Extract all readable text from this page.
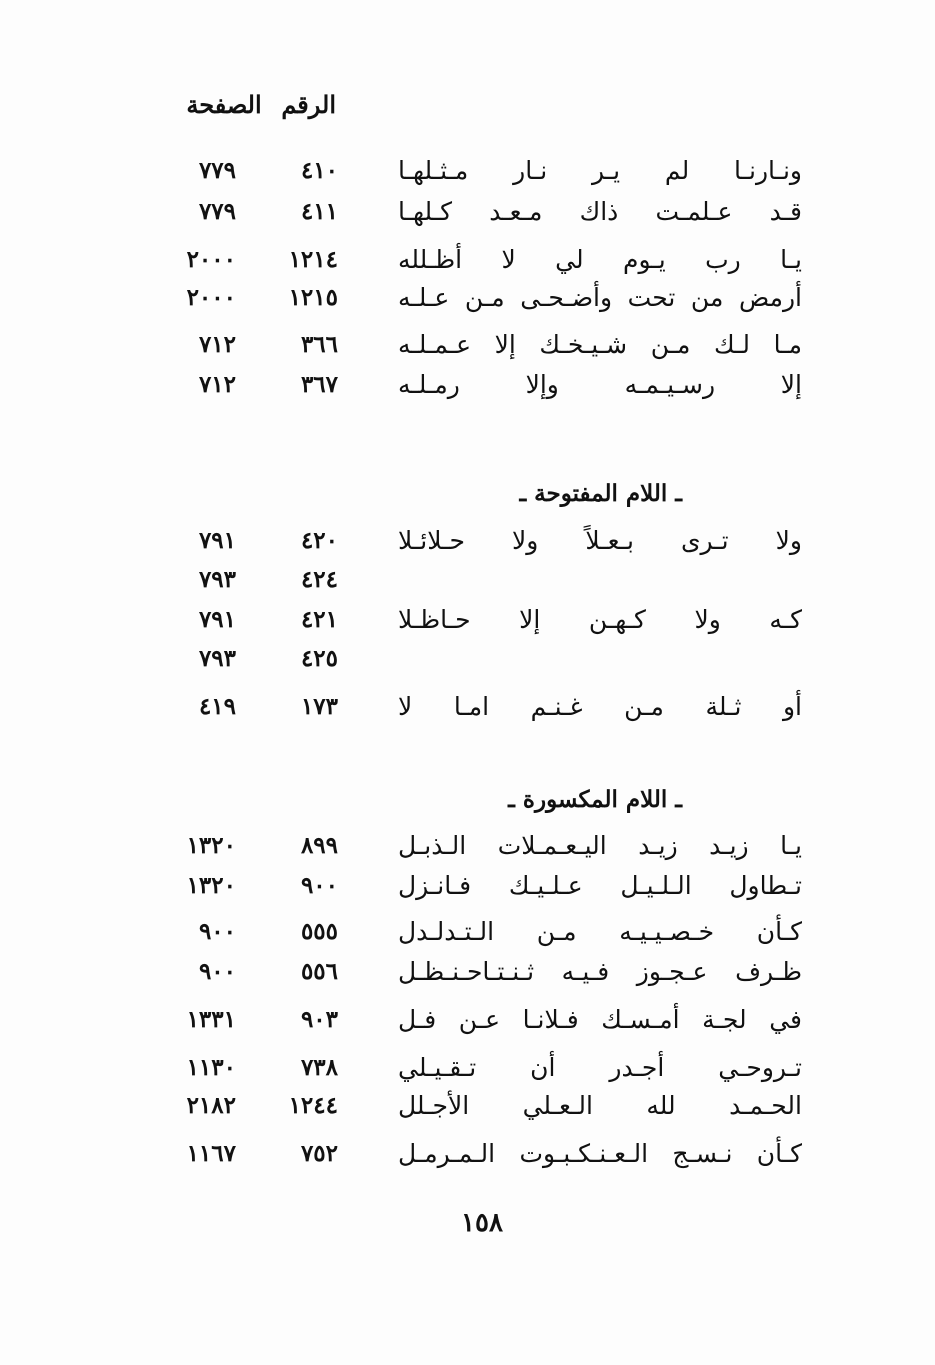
الرقم
الصفحة
ونـارنـا لم يـر نـار مـثـلهـا
٤١٠
٧٧٩
قـد عـلمـت ذاك مـعـد كـلهـا
٤١١
٧٧٩
يـا رب يـوم لي لا أظـلله
١٢١٤
٢٠٠٠
أرمض من تحت وأضـحـى مـن عـلـه
١٢١٥
٢٠٠٠
مـا لـك مـن شـيـخـك إلا عـمـلـه
٣٦٦
٧١٢
إلا رسـيـمـه وإلا رمـلـه
٣٦٧
٧١٢
ـ اللام المفتوحة ـ
ولا تـرى بـعـلاً ولا حـلائـلا
٤٢٠
٧٩١
٤٢٤
٧٩٣
كـه ولا كـهـن إلا حـاظـلا
٤٢١
٧٩١
٤٢٥
٧٩٣
أو ثـلة مـن غـنـم امـا لا
١٧٣
٤١٩
ـ اللام المكسورة ـ
يـا زيـد زيـد اليـعـمـلات الـذبـل
٨٩٩
١٣٢٠
تـطاول الـلـيـل عـلـيـك فـانـزل
٩٠٠
١٣٢٠
كـأن خـصـيـيـه مـن الـتـدلـدل
٥٥٥
٩٠٠
ظـرف عـجـوز فـيـه ثـنـتـاحـنـظـل
٥٥٦
٩٠٠
في لجـة أمـسـك فـلانـا عـن فـل
٩٠٣
١٣٣١
تـروحـي أجـدر أن تـقـيـلي
٧٣٨
١١٣٠
الحـمـد لله الـعـلي الأجـلل
١٢٤٤
٢١٨٢
كـأن نـسـج الـعـنـكـبـوت الـمـرمـل
٧٥٢
١١٦٧
١٥٨
